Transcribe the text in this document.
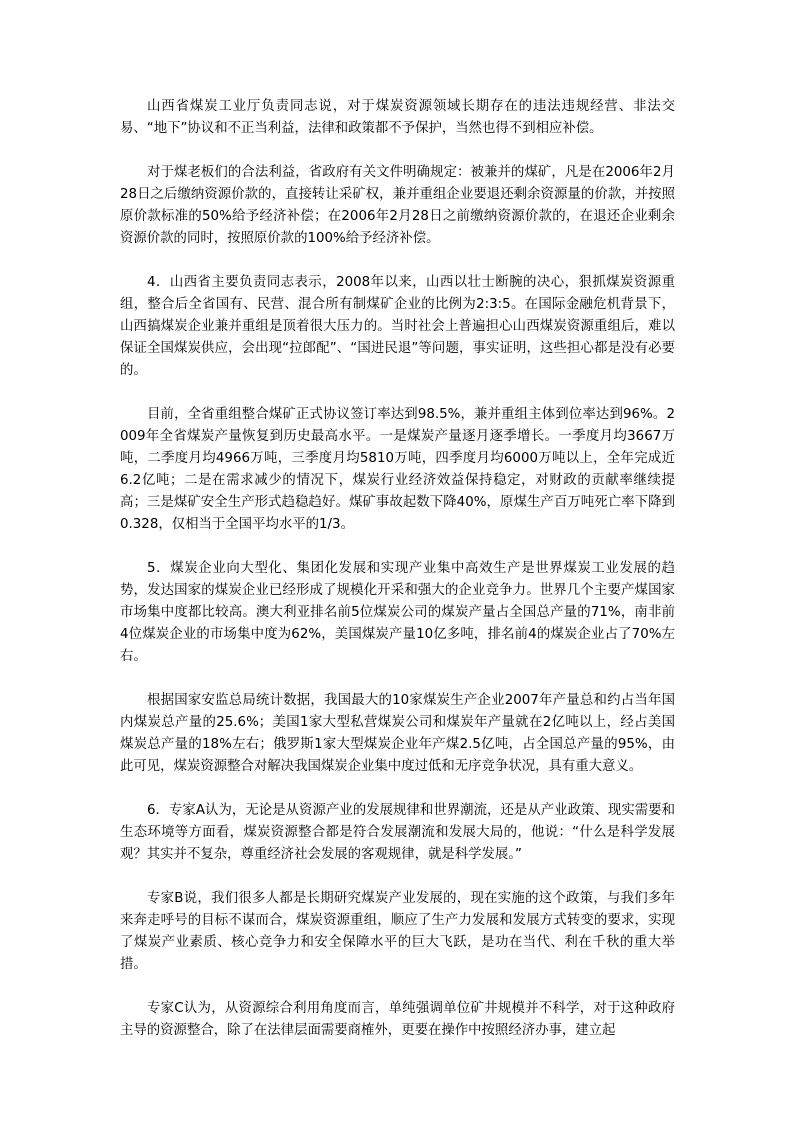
山西省煤炭工业厅负责同志说，对于煤炭资源领域长期存在的违法违规经营、非法交易、“地下”协议和不正当利益，法律和政策都不予保护，当然也得不到相应补偿。

对于煤老板们的合法利益，省政府有关文件明确规定：被兼并的煤矿，凡是在2006年2月28日之后缴纳资源价款的，直接转让采矿权，兼并重组企业要退还剩余资源量的价款，并按照原价款标准的50%给予经济补偿；在2006年2月28日之前缴纳资源价款的，在退还企业剩余资源价款的同时，按照原价款的100%给予经济补偿。

4．山西省主要负责同志表示，2008年以来，山西以壮士断腕的决心，狠抓煤炭资源重组，整合后全省国有、民营、混合所有制煤矿企业的比例为2:3:5。在国际金融危机背景下，山西搞煤炭企业兼并重组是顶着很大压力的。当时社会上普遍担心山西煤炭资源重组后，难以保证全国煤炭供应，会出现“拉郎配”、“国进民退”等问题，事实证明，这些担心都是没有必要的。

目前，全省重组整合煤矿正式协议签订率达到98.5%，兼并重组主体到位率达到96%。2009年全省煤炭产量恢复到历史最高水平。一是煤炭产量逐月逐季增长。一季度月均3667万吨，二季度月均4966万吨，三季度月均5810万吨，四季度月均6000万吨以上，全年完成近6.2亿吨；二是在需求减少的情况下，煤炭行业经济效益保持稳定，对财政的贡献率继续提高；三是煤矿安全生产形式趋稳趋好。煤矿事故起数下降40%，原煤生产百万吨死亡率下降到0.328，仅相当于全国平均水平的1/3。

5．煤炭企业向大型化、集团化发展和实现产业集中高效生产是世界煤炭工业发展的趋势，发达国家的煤炭企业已经形成了规模化开采和强大的企业竞争力。世界几个主要产煤国家市场集中度都比较高。澳大利亚排名前5位煤炭公司的煤炭产量占全国总产量的71%，南非前4位煤炭企业的市场集中度为62%，美国煤炭产量10亿多吨，排名前4的煤炭企业占了70%左右。

根据国家安监总局统计数据，我国最大的10家煤炭生产企业2007年产量总和约占当年国内煤炭总产量的25.6%；美国1家大型私营煤炭公司和煤炭年产量就在2亿吨以上，经占美国煤炭总产量的18%左右；俄罗斯1家大型煤炭企业年产煤2.5亿吨，占全国总产量的95%，由此可见，煤炭资源整合对解决我国煤炭企业集中度过低和无序竞争状况，具有重大意义。

6．专家A认为，无论是从资源产业的发展规律和世界潮流，还是从产业政策、现实需要和生态环境等方面看，煤炭资源整合都是符合发展潮流和发展大局的，他说：“什么是科学发展观？其实并不复杂，尊重经济社会发展的客观规律，就是科学发展。”

专家B说，我们很多人都是长期研究煤炭产业发展的，现在实施的这个政策，与我们多年来奔走呼号的目标不谋而合，煤炭资源重组，顺应了生产力发展和发展方式转变的要求，实现了煤炭产业素质、核心竞争力和安全保障水平的巨大飞跃，是功在当代、利在千秋的重大举措。

专家C认为，从资源综合利用角度而言，单纯强调单位矿井规模并不科学，对于这种政府主导的资源整合，除了在法律层面需要商榷外，更要在操作中按照经济办事，建立起
